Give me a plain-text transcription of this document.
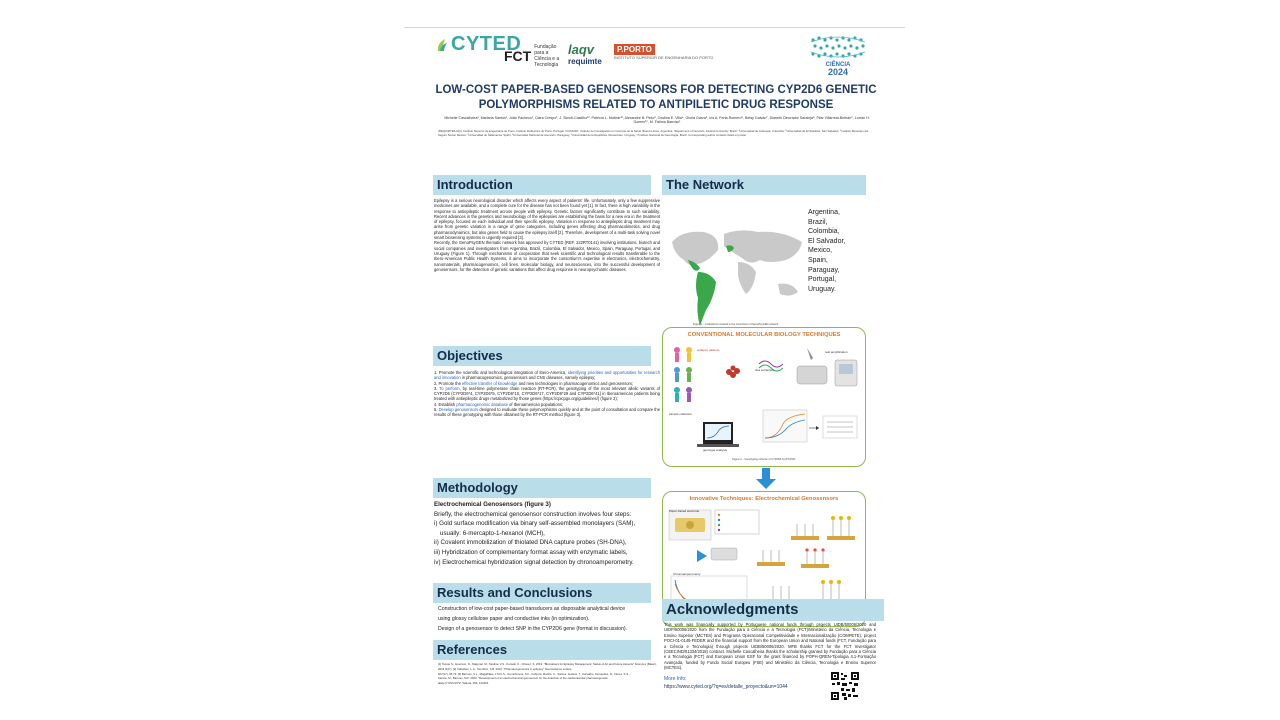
CYTED
FCT
Fundação para a Ciência e a Tecnologia
laqv
requimte
P.PORTO
INSTITUTO SUPERIOR DE ENGENHARIA DO PORTO
CIÊNCIA
2024
LOW-COST PAPER-BASED GENOSENSORS FOR DETECTING CYP2D6 GENETIC
POLYMORPHISMS RELATED TO ANTIPILETIC DRUG RESPONSE
Michelle Cascalheira¹, Mariana Santos¹, João Pacheco¹, Clara Crespo¹, J. Simoli-Castilho¹², Patrícia L. Molinar¹², Alexandre B. Pinto³, Cristina E. Villa⁴, Gloria Garza⁵, Iris A. Feria-Romero⁶, Betsy Galván⁷, Dianeth Dinorador Saraleja⁸, Pilar Villarreal-Beltrán⁹, Lorrán H. Gomes¹⁰, M. Fátima Barroso¹
¹REQUIMTE/LAQV, Instituto Superior de Engenharia do Porto, Instituto Politécnico do Porto, Portugal; ²CONICET, Instituto de Investigación en Ciencias de la Salud, Buenos Aires, Argentina; ³Department of Genetics, Federal University, Brazil; ⁴Universidad de Antioquia, Colombia; ⁵Universidad de El Salvador, San Salvador; ⁶Instituto Mexicano del Seguro Social, Mexico; ⁷Universidad de Salamanca, Spain; ⁸Universidad Nacional de Asunción, Paraguay; ⁹Universidad de la República, Montevideo, Uruguay; ¹⁰Instituto Nacional de Neurologia, Brazil. Corresponding author contacts listed on poster.
Introduction

Epilepsy is a serious neurological disorder which affects every aspect of patients' life. Unfortunately, only a few suppressive medicines are available, and a complete cure for the disease has not been found yet [1]. In fact, there is high variability in the response to antiepileptic treatment across people with epilepsy. Genetic factors significantly contribute to such variability. Recent advances in the genetics and neurobiology of the epilepsies are establishing the basis for a new era in the treatment of epilepsy, focused on each individual and their specific epilepsy. Variation in response to antiepileptic drug treatment may arise from genetic variation in a range of gene categories, including genes affecting drug pharmacokinetics, and drug pharmacodynamics, but also genes held to cause the epilepsy itself [2]. Therefore, development of a multi-task solving novel smart biosensing systems is urgently required [3].

Recently, the GenoPsyGEN thematic network has approved by CYTED (REF. 222RT0141) involving institutions, biotech and social companies and investigators from Argentina, Brazil, Colombia, El Salvador, Mexico, Spain, Paraguay, Portugal, and Uruguay (Figure 1). Through mechanisms of cooperation that seek scientific and technological results transferable to the Ibero-American Public Health Systems, it aims to incorporate the consortium's expertise in electronics, electrochemistry, nanomaterials, pharmacogenomics, cell lines, molecular biology, and neurosciences, into the successful development of genosensors, for the detection of genetic variations that affect drug response in neuropsychiatric diseases.

Objectives

1. Promote the scientific and technological integration of Ibero-America, identifying priorities and opportunities for research and innovation in pharmacogenomics, genosensors and CNS diseases, namely epilepsy;

2. Promote the effective transfer of knowledge and new technologies in pharmacogenomics and genosensors;

3. To perform, by real-time polymerase chain reaction (RT-PCR), the genotyping of the most relevant allelic variants of CYP2D6 (CYP2D6*4, CYP2D6*5, CYP2D6*10, CYP2D6*17, CYP2D6*29 and CYP2D6*41) in Iberoamerican patients being treated with antiepileptic drugs metabolized by those genes (https://cpicpgx.org/guidelines/) (figure 2);

4. Establish pharmacogenomic database of Iberoamerican populations;

5. Develop genosensors designed to evaluate these polymorphisms quickly and at the point of consultation and compare the results of these genotyping with those obtained by the RT-PCR method (figure 3).

Methodology
Electrochemical Genosensors (figure 3)
Briefly, the electrochemical genosensor construction involves four steps:
i) Gold surface modification via binary self-assembled monolayers (SAM),
usually: 6-mercapto-1-hexanol (MCH),
ii) Covalent immobilization of thiolated DNA capture probes (SH-DNA),
iii) Hybridization of complementary format assay with enzymatic labels,
iv) Electrochemical hybridization signal detection by chronoamperometry.
Results and Conclusions
Construction of low-cost paper-based transducers as disposable analytical device
using glossy cellulose paper and conductive inks (in optimization).
Design of a genosensor to detect SNP in the CYP2D6 gene (format in discussion).
References
[1] Tomas S., Guerrero, N., Majumar, M., Medina, V.S., Kumaki, K., Chavez, S. 2019. "Biomarkers for Epilepsy Management: Status of Art and Future Aspects" Sciences (Basel), 2019 9(27). [2] Cabellero, L.A., Scordino, S.B. 2016. "Pharmacogenomics in epilepsy" Neuroscience Letters,
667(27), 65-73. [3] Barroso, S.L., Magalhães, J.M.C.S., Gronchimore, S.F., Cabrera, Mariño, C., Santos, Jessica, T., Carvalho, Fernandes, N., Flores, S.S.,
Santos, M., Barroso, M.F. 2023. "Development of an electrochemical genosensor for the detection of the cardiovascular pharmacogenetic
allele CYP2C19*2" Talanta, 256, 124216.
The Network
Argentina,
Brazil,
Colombia,
El Salvador,
Mexico,
Spain,
Paraguay,
Portugal,
Uruguay.
Figure 1 – Institutions involved in the consortium of GenoPsyGEN network.
CONVENTIONAL MOLECULAR BIOLOGY TECHNIQUES
epilepsy patients
sample collection
dna extraction
real amplification
genotype analysis
Figure 2 – Genotyping scheme of CYP2D6 by RT-PCR.
Innovative Techniques: Electrochemical Genosensors
Paper-based electrode
Chronoamperometry
Acknowledgments
This work was financially supported by Portuguese national funds through projects UIDB/50006/2020 and UIDP/50006/2020 from the Fundação para a Ciência e a Tecnologia (FCT)/Ministério da Ciência, Tecnologia e Ensino Superior (MCTES) and Programa Operacional Competitividade e Internacionalização (COMPETE), project POCI-01-0145-FEDER and the financial support from the European Union and National funds (FCT, Fundação para a Ciência e Tecnologia) through projects UIDB/50006/2020. MFB thanks FCT for the FCT Investigator (CEECIND/01334/2018) contract. Michelle Cascalheira thanks the scholarship granted by Fundação para a Ciência e a Tecnologia (FCT) and European Union ESF for the grant financed by POPH-QREN-Tipologia 4.1-Formação Avançada, funded by Fundo Social Europeu (FSE) and Ministério da Ciência, Tecnologia e Ensino Superior (MCTES).
More Info:
https://www.cyted.org/?q=es/detalle_proyecto&un=1044
